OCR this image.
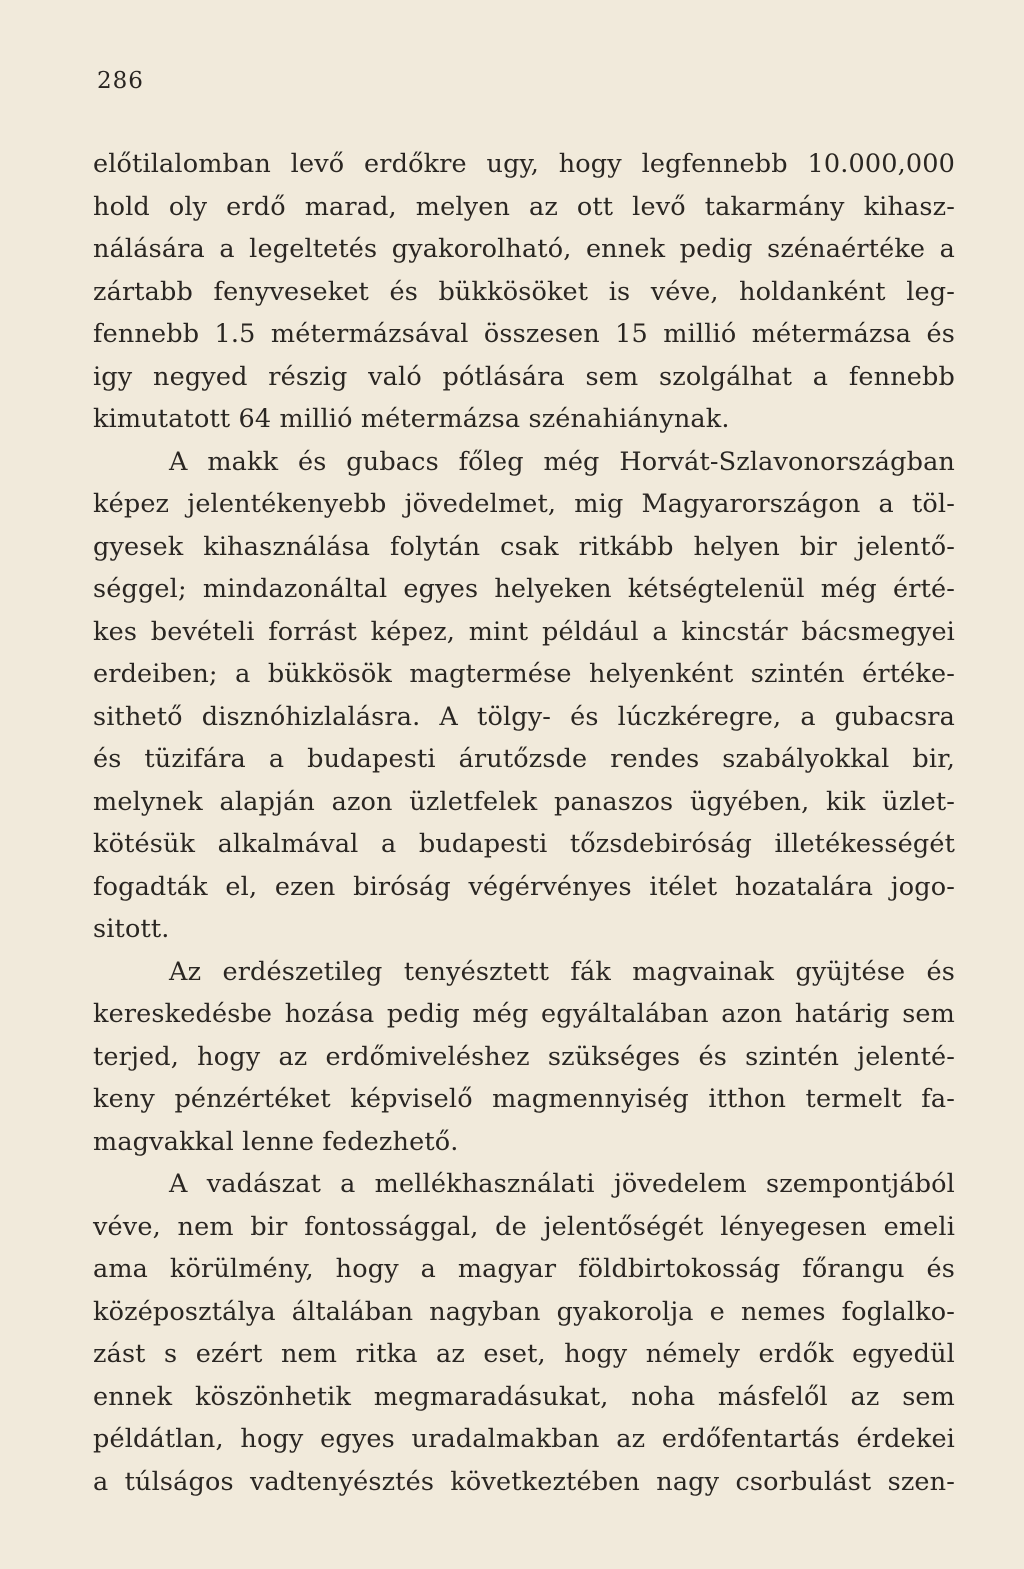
286
előtilalomban levő erdőkre ugy, hogy legfennebb 10.000,000
hold oly erdő marad, melyen az ott levő takarmány kihasz-
nálására a legeltetés gyakorolható, ennek pedig szénaértéke a
zártabb fenyveseket és bükkösöket is véve, holdanként leg-
fennebb 1.5 métermázsával összesen 15 millió métermázsa és
igy negyed részig való pótlására sem szolgálhat a fennebb
kimutatott 64 millió métermázsa szénahiánynak.
A makk és gubacs főleg még Horvát-Szlavonországban
képez jelentékenyebb jövedelmet, mig Magyarországon a töl-
gyesek kihasználása folytán csak ritkább helyen bir jelentő-
séggel; mindazonáltal egyes helyeken kétségtelenül még érté-
kes bevételi forrást képez, mint például a kincstár bácsmegyei
erdeiben; a bükkösök magtermése helyenként szintén értéke-
sithető disznóhizlalásra. A tölgy- és lúczkéregre, a gubacsra
és tüzifára a budapesti árutőzsde rendes szabályokkal bir,
melynek alapján azon üzletfelek panaszos ügyében, kik üzlet-
kötésük alkalmával a budapesti tőzsdebiróság illetékességét
fogadták el, ezen biróság végérvényes itélet hozatalára jogo-
sitott.
Az erdészetileg tenyésztett fák magvainak gyüjtése és
kereskedésbe hozása pedig még egyáltalában azon határig sem
terjed, hogy az erdőmiveléshez szükséges és szintén jelenté-
keny pénzértéket képviselő magmennyiség itthon termelt fa-
magvakkal lenne fedezhető.
A vadászat a mellékhasználati jövedelem szempontjából
véve, nem bir fontossággal, de jelentőségét lényegesen emeli
ama körülmény, hogy a magyar földbirtokosság főrangu és
középosztálya általában nagyban gyakorolja e nemes foglalko-
zást s ezért nem ritka az eset, hogy némely erdők egyedül
ennek köszönhetik megmaradásukat, noha másfelől az sem
példátlan, hogy egyes uradalmakban az erdőfentartás érdekei
a túlságos vadtenyésztés következtében nagy csorbulást szen-
